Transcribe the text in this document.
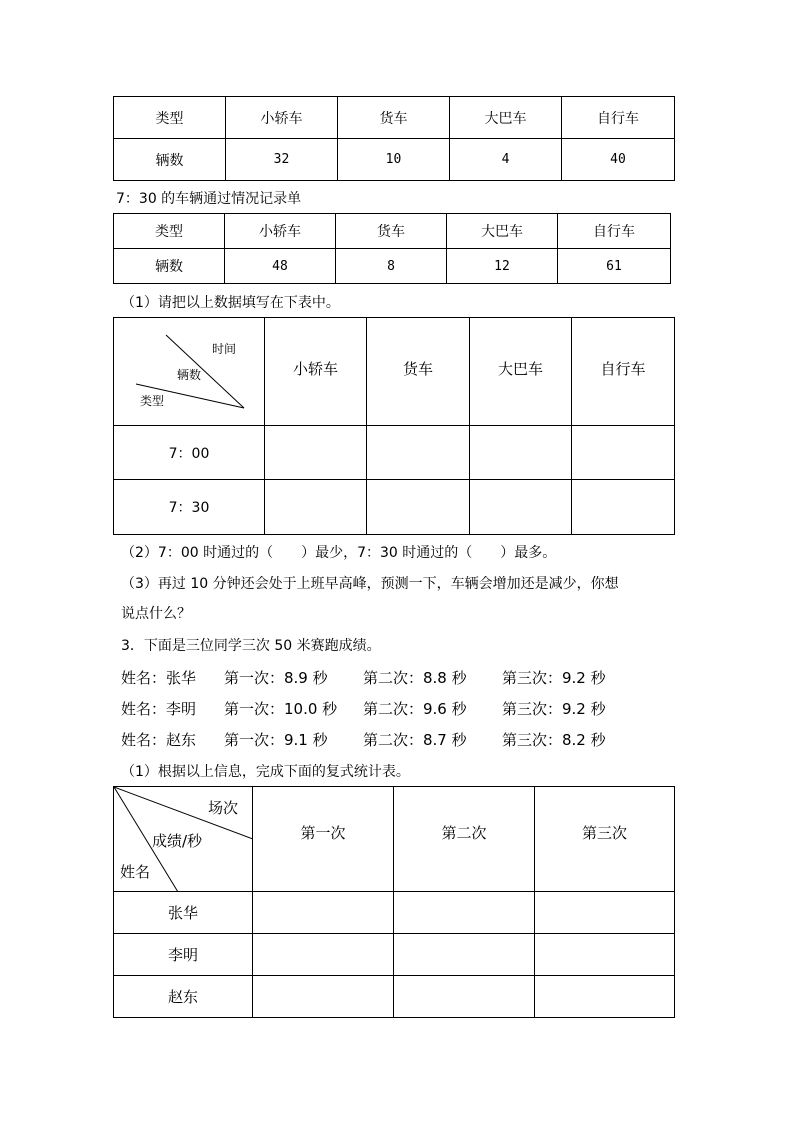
类型	小轿车	货车	大巴车	自行车
辆数	32	10	4	40
7：30 的车辆通过情况记录单
类型	小轿车	货车	大巴车	自行车
辆数	48	8	12	61
（1）请把以上数据填写在下表中。
时间
辆数
类型	小轿车	货车	大巴车	自行车
7：00				
7：30				
（2）7：00 时通过的（　　）最少，7：30 时通过的（　　）最多。
（3）再过 10 分钟还会处于上班早高峰，预测一下，车辆会增加还是减少，你想
说点什么？
3．下面是三位同学三次 50 米赛跑成绩。
姓名：张华 第一次：8.9 秒 第二次：8.8 秒 第三次：9.2 秒
姓名：李明 第一次：10.0 秒 第二次：9.6 秒 第三次：9.2 秒
姓名：赵东 第一次：9.1 秒 第二次：8.7 秒 第三次：8.2 秒
（1）根据以上信息，完成下面的复式统计表。
场次
成绩/秒
姓名	第一次	第二次	第三次
张华			
李明			
赵东			
